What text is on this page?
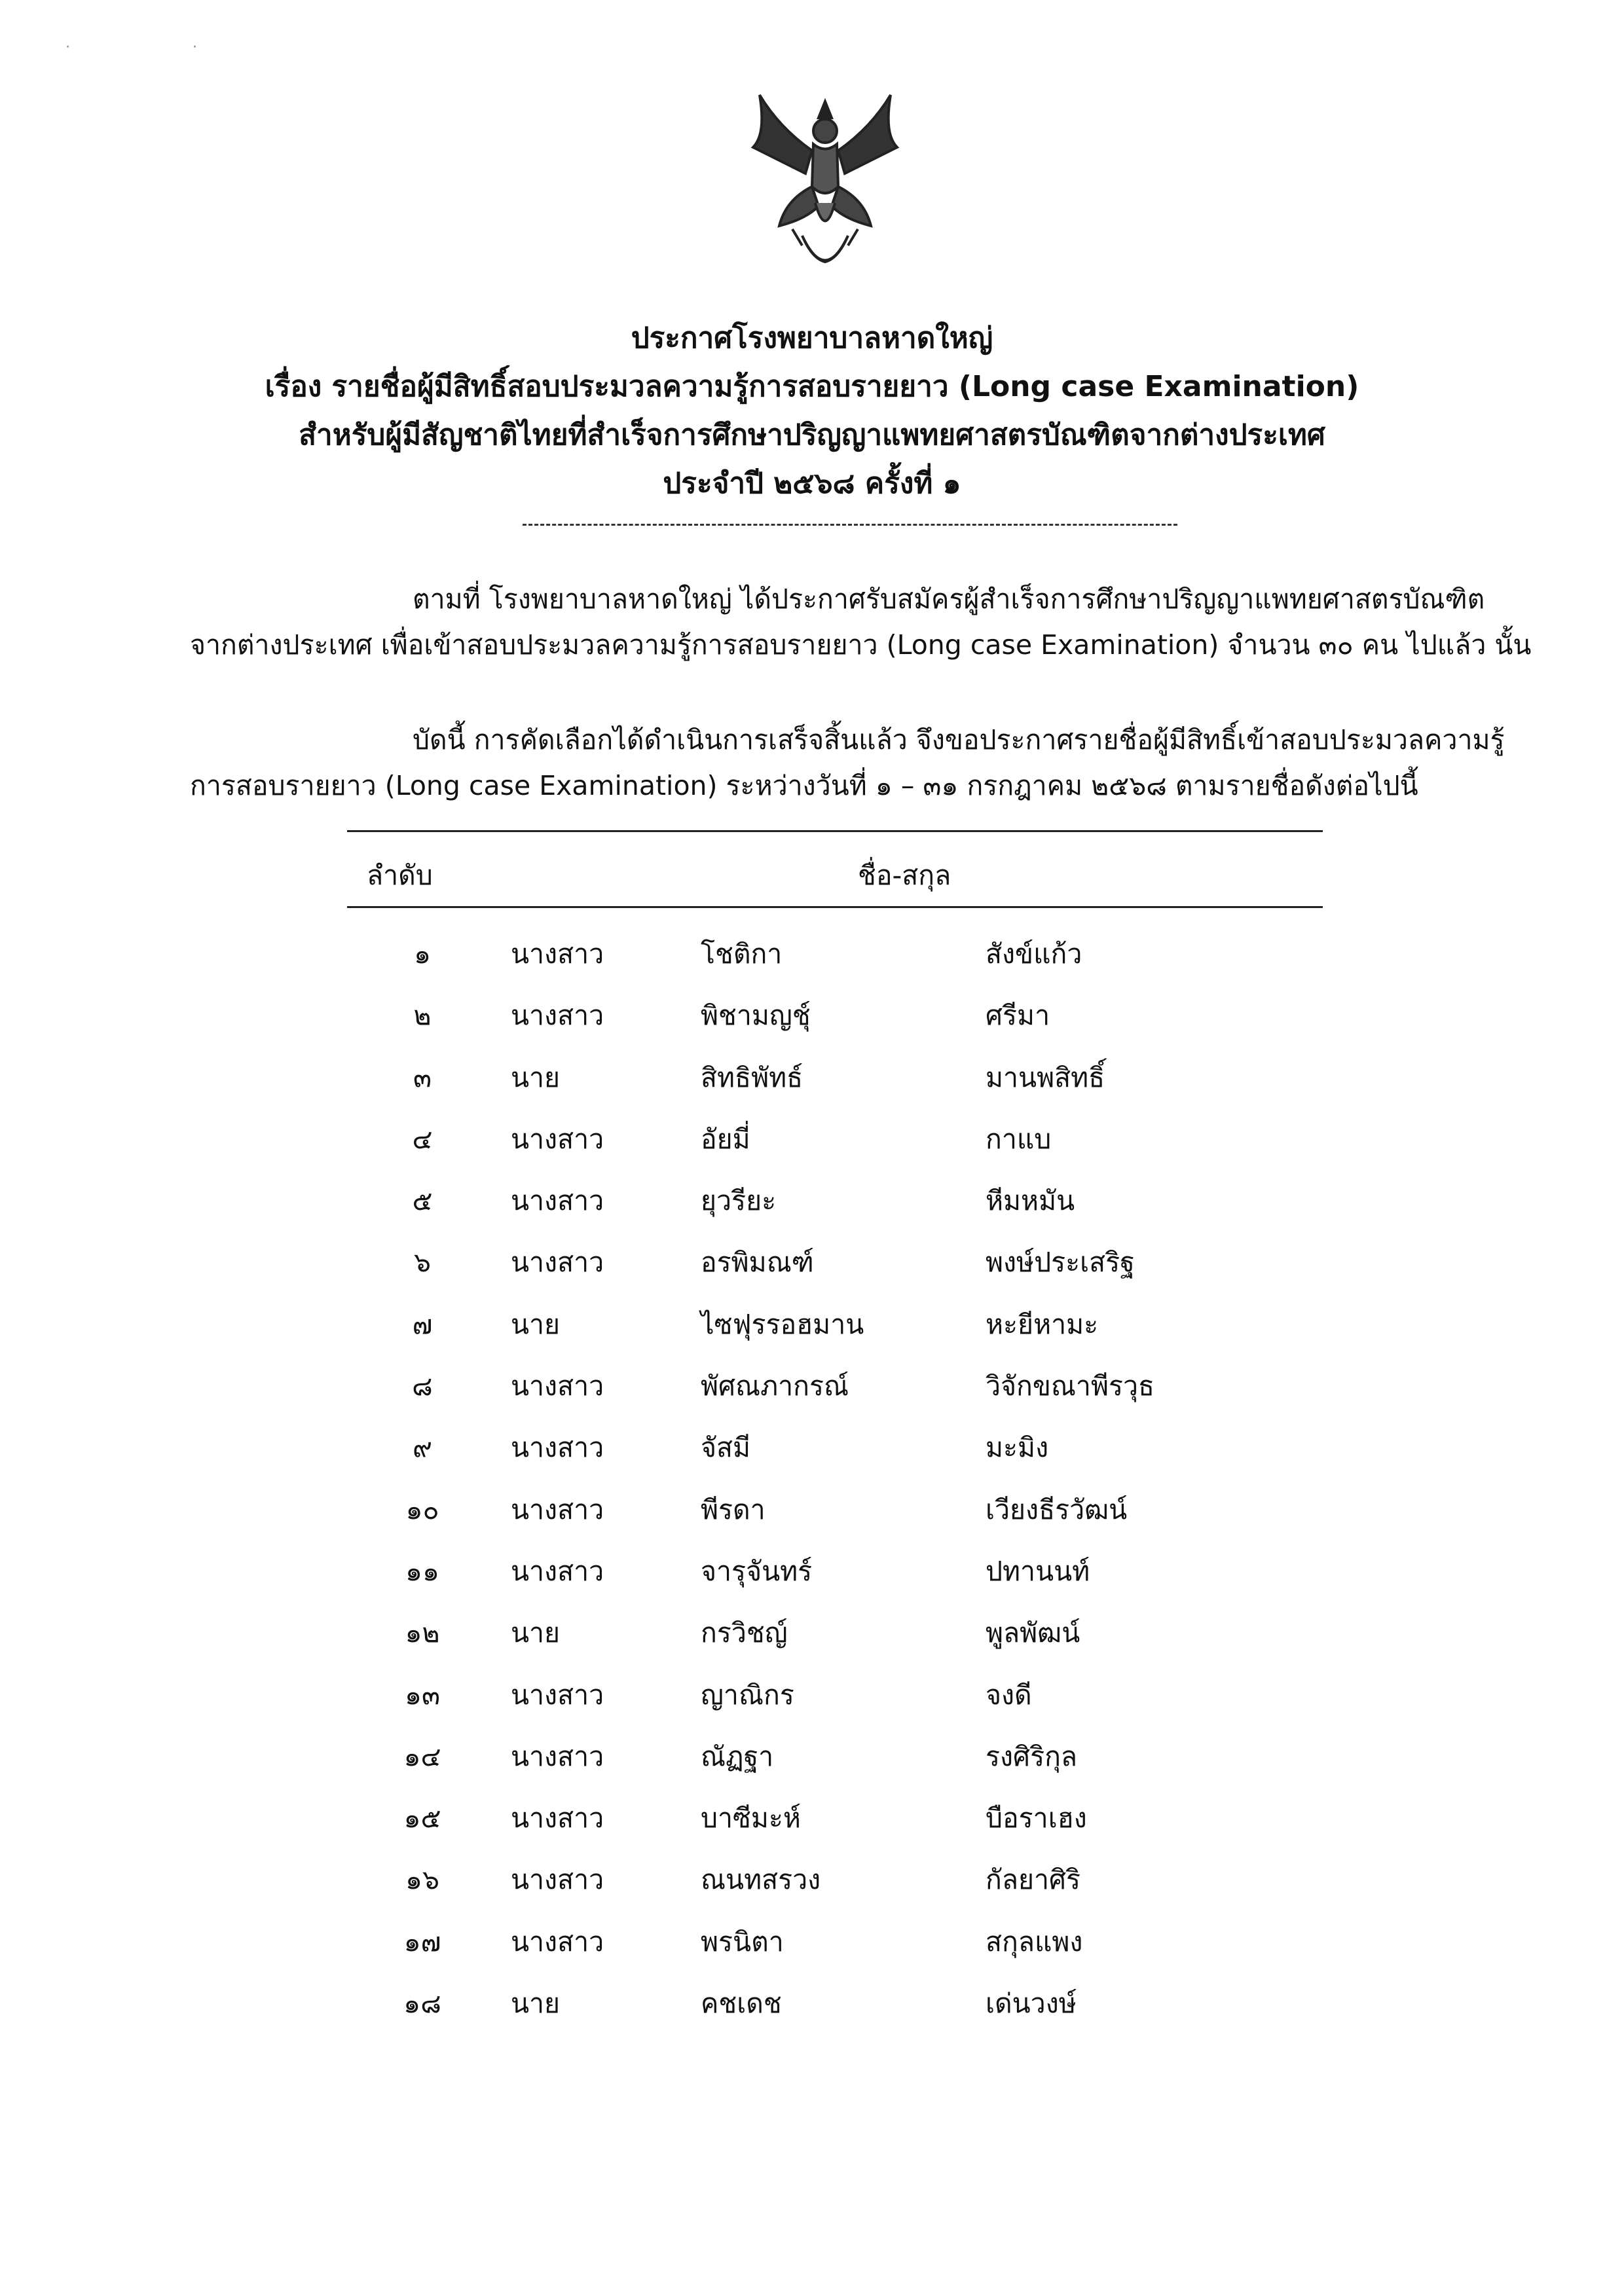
· ·
ประกาศโรงพยาบาลหาดใหญ่
เรื่อง รายชื่อผู้มีสิทธิ์สอบประมวลความรู้การสอบรายยาว (Long case Examination)
สำหรับผู้มีสัญชาติไทยที่สำเร็จการศึกษาปริญญาแพทยศาสตรบัณฑิตจากต่างประเทศ
ประจำปี ๒๕๖๘ ครั้งที่ ๑
ตามที่ โรงพยาบาลหาดใหญ่ ได้ประกาศรับสมัครผู้สำเร็จการศึกษาปริญญาแพทยศาสตรบัณฑิต
จากต่างประเทศ เพื่อเข้าสอบประมวลความรู้การสอบรายยาว (Long case Examination) จำนวน ๓๐ คน ไปแล้ว นั้น
บัดนี้ การคัดเลือกได้ดำเนินการเสร็จสิ้นแล้ว จึงขอประกาศรายชื่อผู้มีสิทธิ์เข้าสอบประมวลความรู้
การสอบรายยาว (Long case Examination) ระหว่างวันที่ ๑ – ๓๑ กรกฎาคม ๒๕๖๘ ตามรายชื่อดังต่อไปนี้
ลำดับ	ชื่อ-สกุล
๑	นางสาว	โชติกา	สังข์แก้ว
๒	นางสาว	พิชามญชุ์	ศรีมา
๓	นาย	สิทธิพัทธ์	มานพสิทธิ์
๔	นางสาว	อัยมี่	กาแบ
๕	นางสาว	ยุวรียะ	หีมหมัน
๖	นางสาว	อรพิมณฑ์	พงษ์ประเสริฐ
๗	นาย	ไซฟุรรอฮมาน	หะยีหามะ
๘	นางสาว	พัศณภากรณ์	วิจักขณาพีรวุธ
๙	นางสาว	จัสมี	มะมิง
๑๐	นางสาว	พีรดา	เวียงธีรวัฒน์
๑๑	นางสาว	จารุจันทร์	ปทานนท์
๑๒	นาย	กรวิชญ์	พูลพัฒน์
๑๓	นางสาว	ญาณิกร	จงดี
๑๔	นางสาว	ณัฏฐา	รงศิริกุล
๑๕	นางสาว	บาซีมะห์	บือราเฮง
๑๖	นางสาว	ณนทสรวง	กัลยาศิริ
๑๗	นางสาว	พรนิตา	สกุลแพง
๑๘	นาย	คชเดช	เด่นวงษ์
